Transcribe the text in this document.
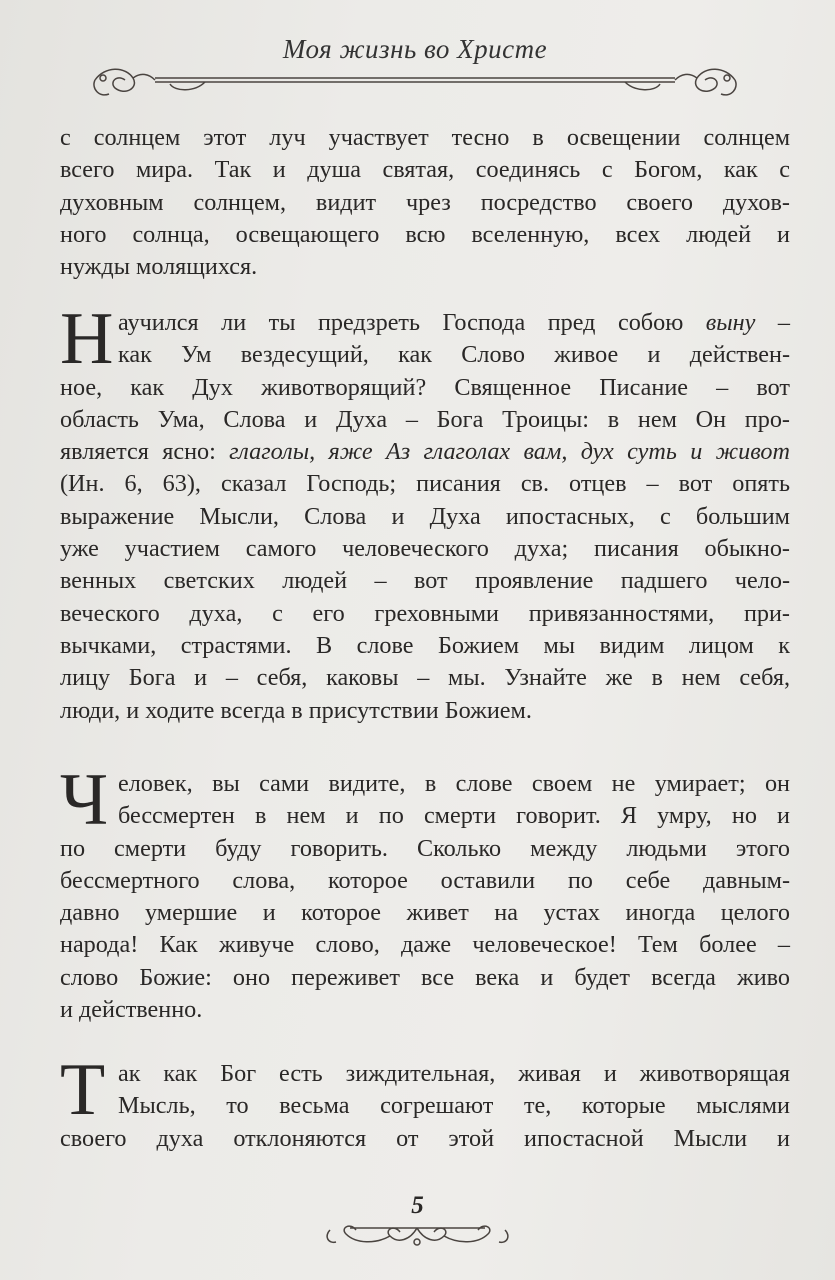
Моя жизнь во Христе
с солнцем этот луч участвует тесно в освещении солнцем
всего мира. Так и душа святая, соединясь с Богом, как с
духовным солнцем, видит чрез посредство своего духов-
ного солнца, освещающего всю вселенную, всех людей и
нужды молящихся.
Н аучился ли ты предзреть Господа пред собою выну –
как Ум вездесущий, как Слово живое и действен-
ное, как Дух животворящий? Священное Писание – вот
область Ума, Слова и Духа – Бога Троицы: в нем Он про-
является ясно: глаголы, яже Аз глаголах вам, дух суть и живот
(Ин. 6, 63), сказал Господь; писания св. отцев – вот опять
выражение Мысли, Слова и Духа ипостасных, с большим
уже участием самого человеческого духа; писания обыкно-
венных светских людей – вот проявление падшего чело-
веческого духа, с его греховными привязанностями, при-
вычками, страстями. В слове Божием мы видим лицом к
лицу Бога и – себя, каковы – мы. Узнайте же в нем себя,
люди, и ходите всегда в присутствии Божием.
Ч еловек, вы сами видите, в слове своем не умирает; он
бессмертен в нем и по смерти говорит. Я умру, но и
по смерти буду говорить. Сколько между людьми этого
бессмертного слова, которое оставили по себе давным-
давно умершие и которое живет на устах иногда целого
народа! Как живуче слово, даже человеческое! Тем более –
слово Божие: оно переживет все века и будет всегда живо
и действенно.
Т ак как Бог есть зиждительная, живая и животворящая
Мысль, то весьма согрешают те, которые мыслями
своего духа отклоняются от этой ипостасной Мысли и
5
